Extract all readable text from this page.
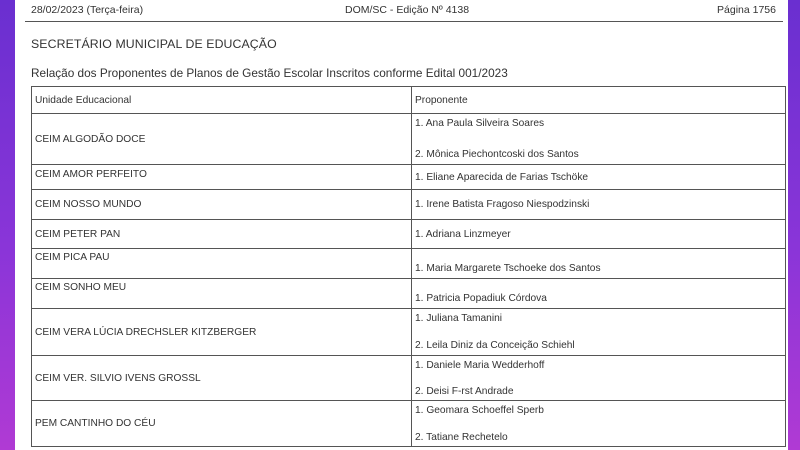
28/02/2023 (Terça-feira)	DOM/SC - Edição Nº 4138	Página 1756
SECRETÁRIO MUNICIPAL DE EDUCAÇÃO
Relação dos Proponentes de Planos de Gestão Escolar Inscritos conforme Edital 001/2023
Unidade Educacional	Proponente
CEIM ALGODÃO DOCE	1. Ana Paula Silveira Soares
2. Mônica Piechontcoski dos Santos

CEIM AMOR PERFEITO	1. Eliane Aparecida de Farias Tschöke

CEIM NOSSO MUNDO	1. Irene Batista Fragoso Niespodzinski

CEIM PETER PAN	1. Adriana Linzmeyer

CEIM PICA PAU	1. Maria Margarete Tschoeke dos Santos

CEIM SONHO MEU	1. Patricia Popadiuk Córdova

CEIM VERA LÚCIA DRECHSLER KITZBERGER	1. Juliana Tamanini
2. Leila Diniz da Conceição Schiehl

CEIM VER. SILVIO IVENS GROSSL	1. Daniele Maria Wedderhoff
2. Deisi F-rst Andrade

PEM CANTINHO DO CÉU	1. Geomara Schoeffel Sperb
2. Tatiane Rechetelo
